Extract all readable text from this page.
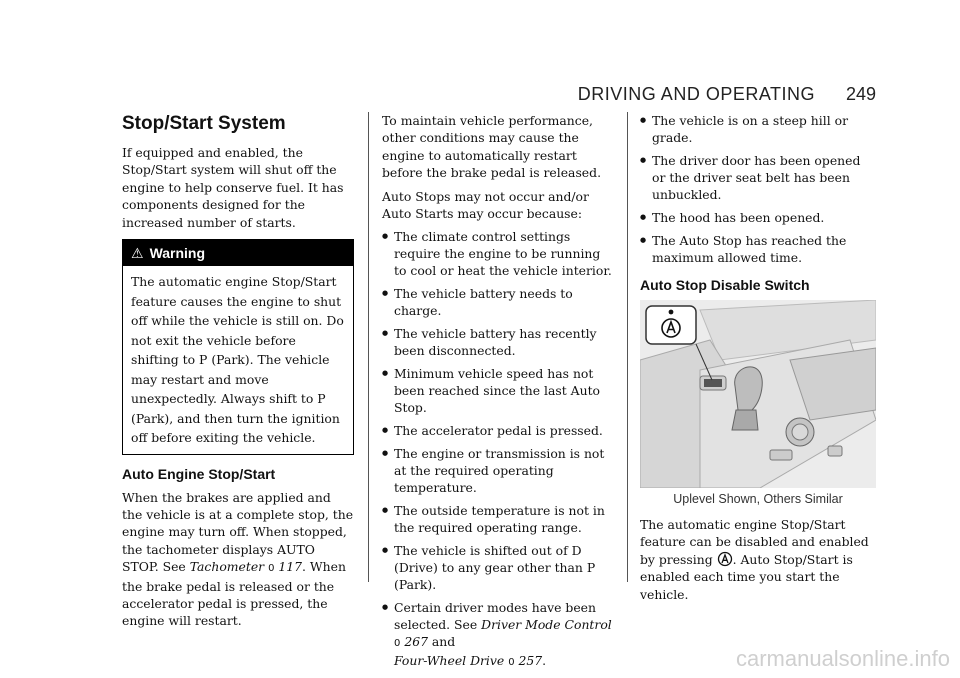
DRIVING AND OPERATING 249
Stop/Start System

If equipped and enabled, the Stop/Start system will shut off the engine to help conserve fuel. It has components designed for the increased number of starts.

⚠ Warning

The automatic engine Stop/Start feature causes the engine to shut off while the vehicle is still on. Do not exit the vehicle before shifting to P (Park). The vehicle may restart and move unexpectedly. Always shift to P (Park), and then turn the ignition off before exiting the vehicle.

Auto Engine Stop/Start

When the brakes are applied and the vehicle is at a complete stop, the engine may turn off. When stopped, the tachometer displays AUTO STOP. See Tachometer 0 117. When the brake pedal is released or the accelerator pedal is pressed, the engine will restart.

To maintain vehicle performance, other conditions may cause the engine to automatically restart before the brake pedal is released.

Auto Stops may not occur and/or Auto Starts may occur because:

● The climate control settings require the engine to be running to cool or heat the vehicle interior.
● The vehicle battery needs to charge.
● The vehicle battery has recently been disconnected.
● Minimum vehicle speed has not been reached since the last Auto Stop.
● The accelerator pedal is pressed.
● The engine or transmission is not at the required operating temperature.
● The outside temperature is not in the required operating range.
● The vehicle is shifted out of D (Drive) to any gear other than P (Park).
● Certain driver modes have been selected. See Driver Mode Control
0 267 and
Four-Wheel Drive 0 257.
● The vehicle is on a steep hill or grade.
● The driver door has been opened or the driver seat belt has been unbuckled.
● The hood has been opened.
● The Auto Stop has reached the maximum allowed time.
Auto Stop Disable Switch
Uplevel Shown, Others Similar

The automatic engine Stop/Start feature can be disabled and enabled by pressing . Auto Stop/Start is enabled each time you start the vehicle.

carmanualsonline.info
